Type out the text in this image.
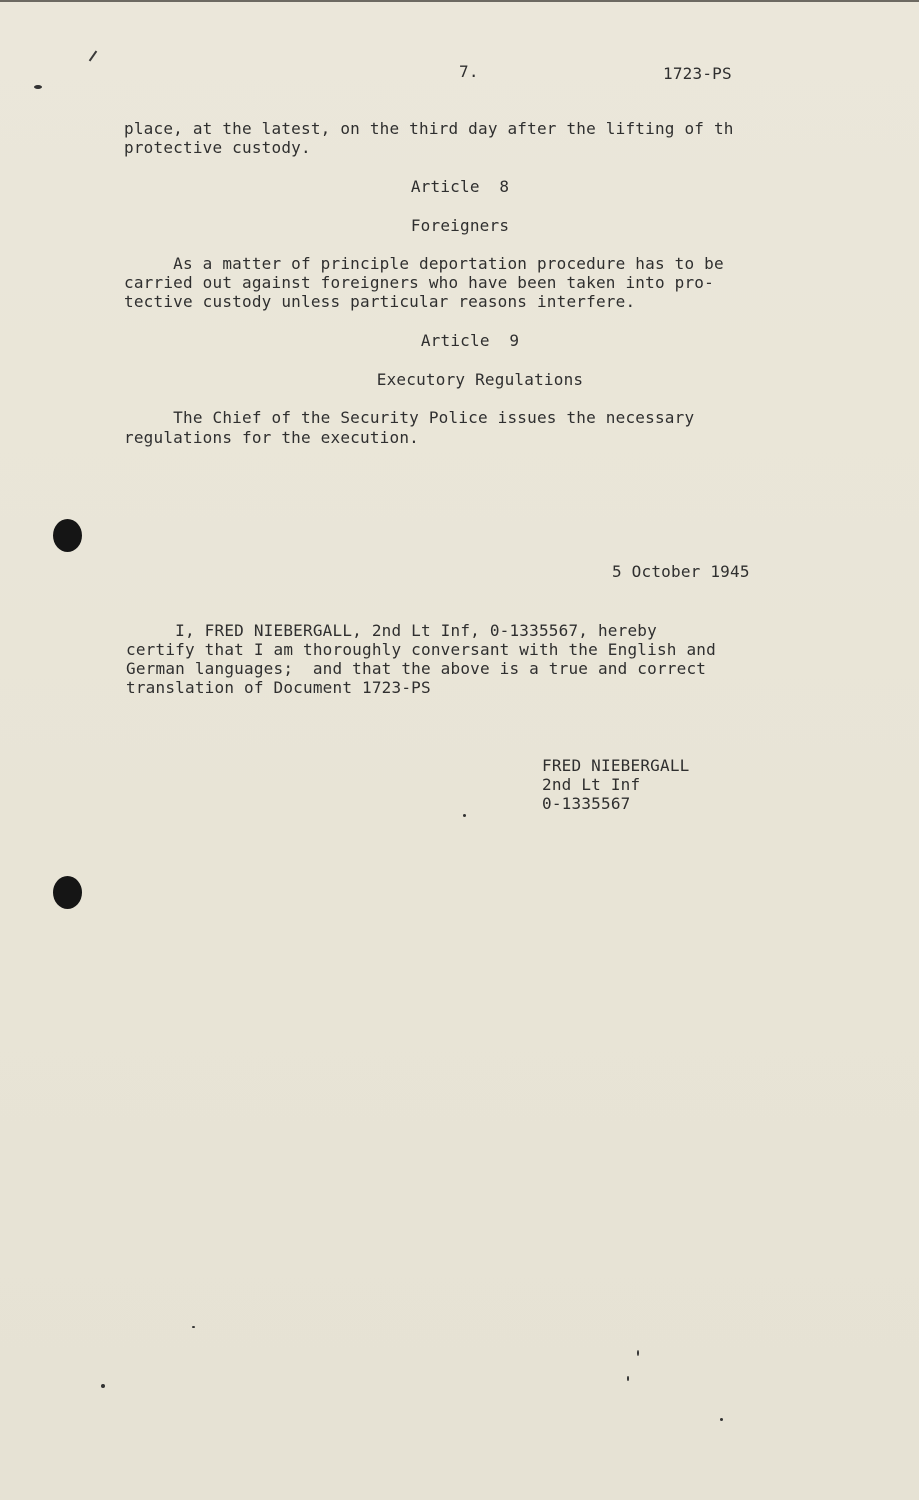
7.	1723-PS
place, at the latest, on the third day after the lifting of th
protective custody.
Article  8
Foreigners
As a matter of principle deportation procedure has to be
carried out against foreigners who have been taken into pro-
tective custody unless particular reasons interfere.
Article  9
Executory Regulations
The Chief of the Security Police issues the necessary
regulations for the execution.
5 October 1945
I, FRED NIEBERGALL, 2nd Lt Inf, 0-1335567, hereby
certify that I am thoroughly conversant with the English and
German languages;  and that the above is a true and correct
translation of Document 1723-PS
FRED NIEBERGALL
2nd Lt Inf
0-1335567
